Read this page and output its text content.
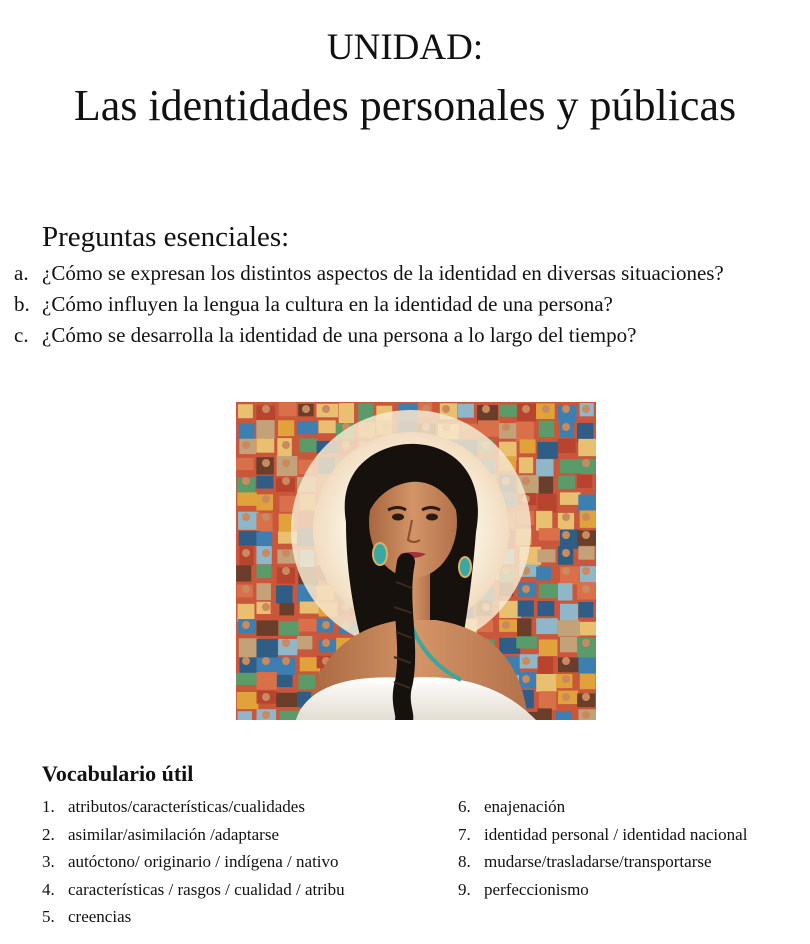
UNIDAD:
Las identidades personales y públicas
Preguntas esenciales:
a. ¿Cómo se expresan los distintos aspectos de la identidad en diversas situaciones?
b. ¿Cómo influyen la lengua la cultura en la identidad de una persona?
c. ¿Cómo se desarrolla la identidad de una persona a lo largo del tiempo?
Vocabulario útil
1. atributos/características/cualidades
2. asimilar/asimilación /adaptarse
3. autóctono/ originario / indígena / nativo
4. características / rasgos / cualidad / atribu
5. creencias
6. enajenación
7. identidad personal / identidad nacional
8. mudarse/trasladarse/transportarse
9. perfeccionismo
